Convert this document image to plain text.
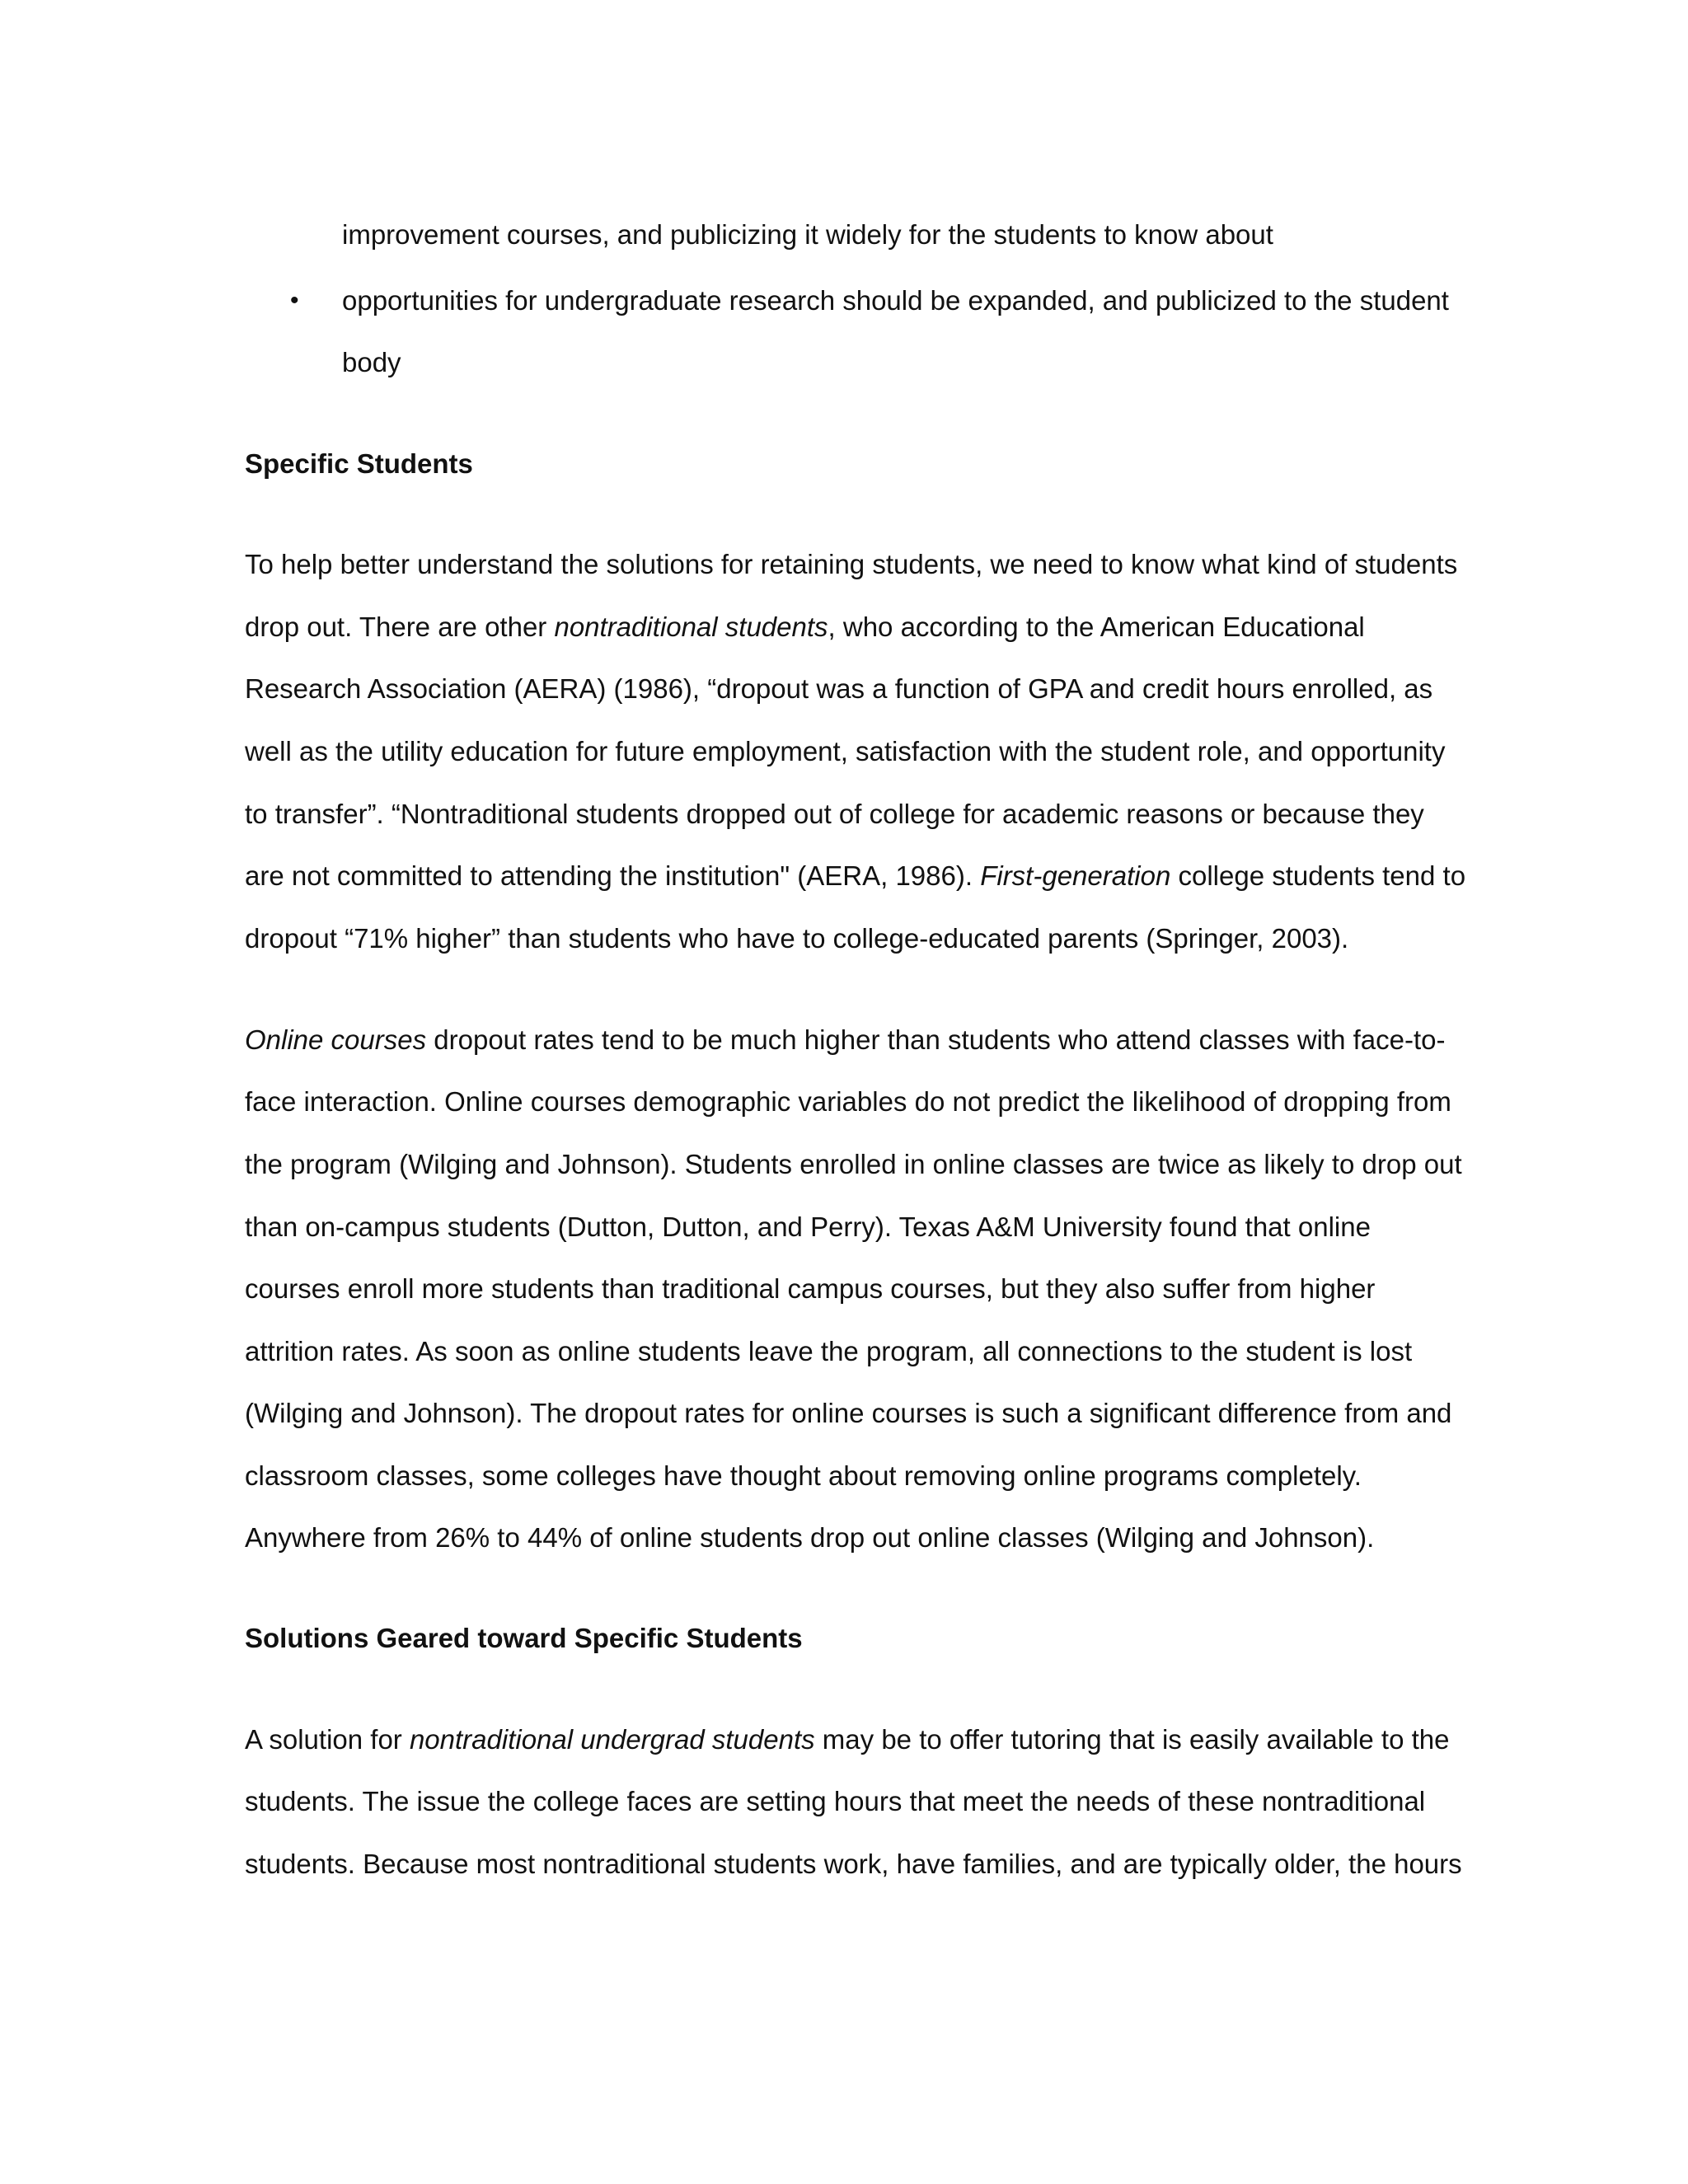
improvement courses, and publicizing it widely for the students to know about
• opportunities for undergraduate research should be expanded, and publicized to the student
body
Specific Students
To help better understand the solutions for retaining students, we need to know what kind of students
drop out. There are other nontraditional students, who according to the American Educational
Research Association (AERA) (1986), “dropout was a function of GPA and credit hours enrolled, as
well as the utility education for future employment, satisfaction with the student role, and opportunity
to transfer”. “Nontraditional students dropped out of college for academic reasons or because they
are not committed to attending the institution" (AERA, 1986). First-generation college students tend to
dropout “71% higher” than students who have to college-educated parents (Springer, 2003).
Online courses dropout rates tend to be much higher than students who attend classes with face-to-
face interaction. Online courses demographic variables do not predict the likelihood of dropping from
the program (Wilging and Johnson). Students enrolled in online classes are twice as likely to drop out
than on-campus students (Dutton, Dutton, and Perry). Texas A&M University found that online
courses enroll more students than traditional campus courses, but they also suffer from higher
attrition rates. As soon as online students leave the program, all connections to the student is lost
(Wilging and Johnson). The dropout rates for online courses is such a significant difference from and
classroom classes, some colleges have thought about removing online programs completely.
Anywhere from 26% to 44% of online students drop out online classes (Wilging and Johnson).
Solutions Geared toward Specific Students
A solution for nontraditional undergrad students may be to offer tutoring that is easily available to the
students. The issue the college faces are setting hours that meet the needs of these nontraditional
students. Because most nontraditional students work, have families, and are typically older, the hours
